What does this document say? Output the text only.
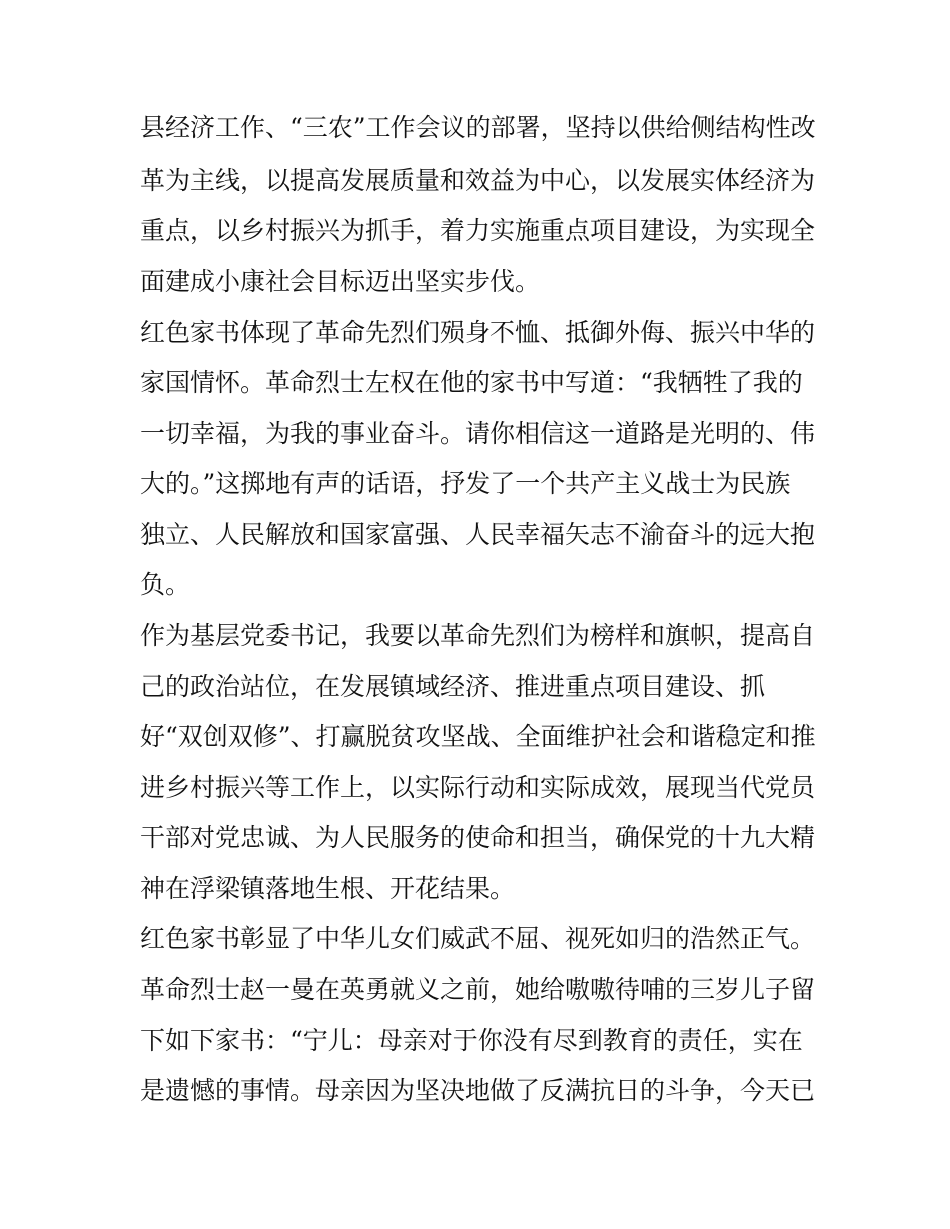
县经济工作、“三农”工作会议的部署，坚持以供给侧结构性改
革为主线，以提高发展质量和效益为中心，以发展实体经济为
重点，以乡村振兴为抓手，着力实施重点项目建设，为实现全
面建成小康社会目标迈出坚实步伐。
红色家书体现了革命先烈们殒身不恤、抵御外侮、振兴中华的
家国情怀。革命烈士左权在他的家书中写道：“我牺牲了我的
一切幸福，为我的事业奋斗。请你相信这一道路是光明的、伟
大的。”这掷地有声的话语，抒发了一个共产主义战士为民族
独立、人民解放和国家富强、人民幸福矢志不渝奋斗的远大抱
负。
作为基层党委书记，我要以革命先烈们为榜样和旗帜，提高自
己的政治站位，在发展镇域经济、推进重点项目建设、抓
好“双创双修”、打赢脱贫攻坚战、全面维护社会和谐稳定和推
进乡村振兴等工作上，以实际行动和实际成效，展现当代党员
干部对党忠诚、为人民服务的使命和担当，确保党的十九大精
神在浮梁镇落地生根、开花结果。
红色家书彰显了中华儿女们威武不屈、视死如归的浩然正气。
革命烈士赵一曼在英勇就义之前，她给嗷嗷待哺的三岁儿子留
下如下家书：“宁儿：母亲对于你没有尽到教育的责任，实在
是遗憾的事情。母亲因为坚决地做了反满抗日的斗争，今天已
